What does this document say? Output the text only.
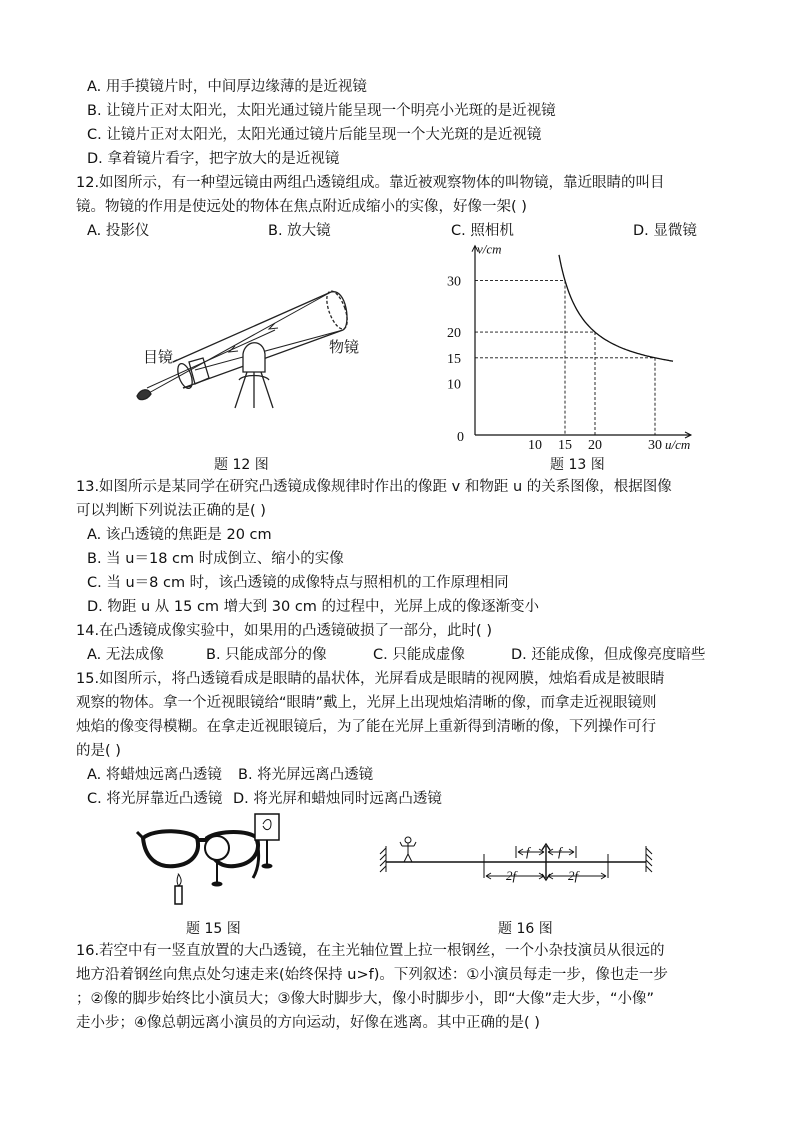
A. 用手摸镜片时，中间厚边缘薄的是近视镜
B. 让镜片正对太阳光，太阳光通过镜片能呈现一个明亮小光斑的是近视镜
C. 让镜片正对太阳光，太阳光通过镜片后能呈现一个大光斑的是近视镜
D. 拿着镜片看字，把字放大的是近视镜
12.如图所示，有一种望远镜由两组凸透镜组成。靠近被观察物体的叫物镜，靠近眼睛的叫目
镜。物镜的作用是使远处的物体在焦点附近成缩小的实像，好像一架( )
A. 投影仪	B. 放大镜	C. 照相机	D. 显微镜
目镜
物镜
题 12 图
u/cm
v/cm
0
10 15 20	30
10
15
20
30
题 13 图
13.如图所示是某同学在研究凸透镜成像规律时作出的像距 v 和物距 u 的关系图像，根据图像
可以判断下列说法正确的是( )
A. 该凸透镜的焦距是 20 cm
B. 当 u＝18 cm 时成倒立、缩小的实像
C. 当 u＝8 cm 时，该凸透镜的成像特点与照相机的工作原理相同
D. 物距 u 从 15 cm 增大到 30 cm 的过程中，光屏上成的像逐渐变小
14.在凸透镜成像实验中，如果用的凸透镜破损了一部分，此时( )
A. 无法成像	B. 只能成部分的像	C. 只能成虚像	D. 还能成像，但成像亮度暗些
15.如图所示，将凸透镜看成是眼睛的晶状体，光屏看成是眼睛的视网膜，烛焰看成是被眼睛
观察的物体。拿一个近视眼镜给“眼睛”戴上，光屏上出现烛焰清晰的像，而拿走近视眼镜则
烛焰的像变得模糊。在拿走近视眼镜后，为了能在光屏上重新得到清晰的像，下列操作可行
的是( )
A. 将蜡烛远离凸透镜 B. 将光屏远离凸透镜
C. 将光屏靠近凸透镜 D. 将光屏和蜡烛同时远离凸透镜
题 15 图
f f
2f	2f
题 16 图
16.若空中有一竖直放置的大凸透镜，在主光轴位置上拉一根钢丝，一个小杂技演员从很远的
地方沿着钢丝向焦点处匀速走来(始终保持 u>f)。下列叙述：①小演员每走一步，像也走一步
；②像的脚步始终比小演员大；③像大时脚步大，像小时脚步小，即“大像”走大步，“小像”
走小步；④像总朝远离小演员的方向运动，好像在逃离。其中正确的是( )
